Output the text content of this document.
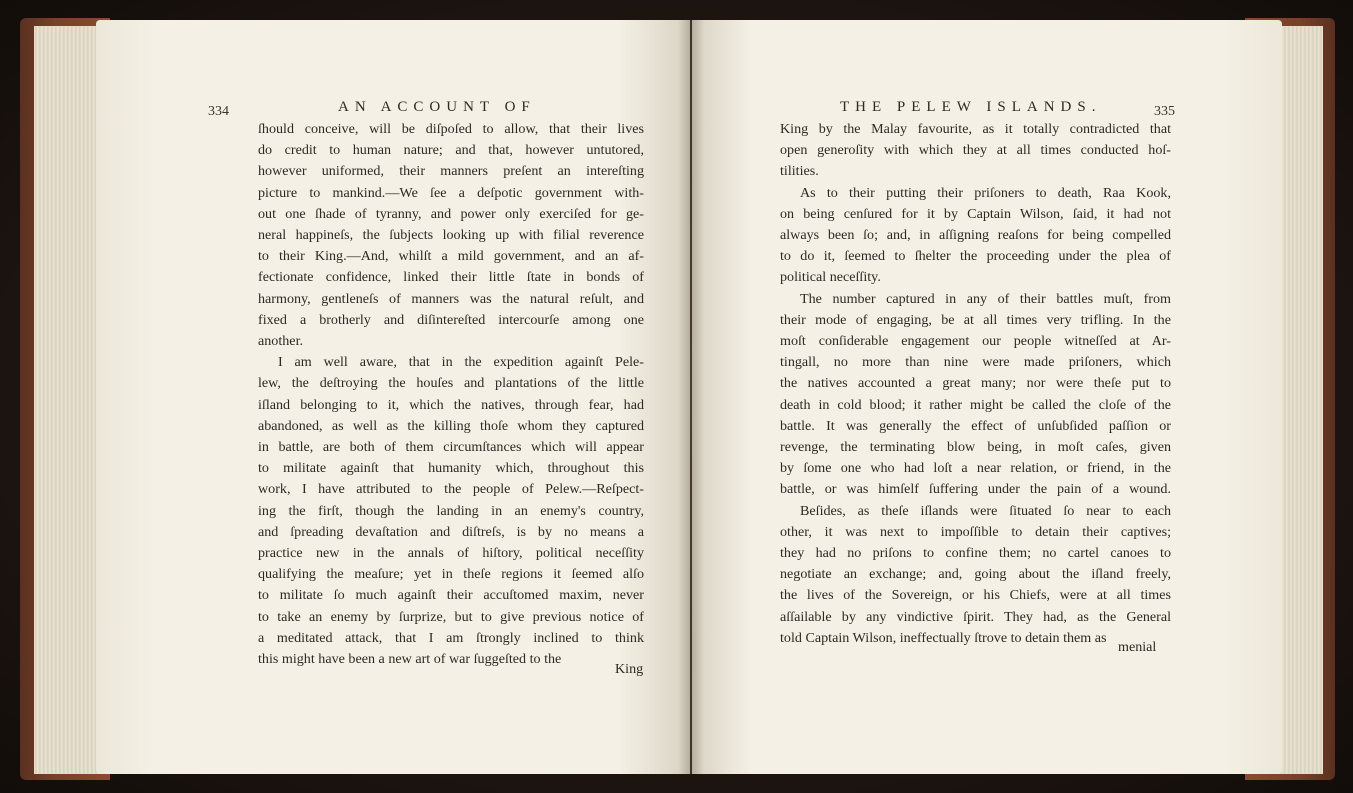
334	AN ACCOUNT OF
ſhould conceive, will be diſpoſed to allow, that their lives
do credit to human nature; and that, however untutored,
however uniformed, their manners preſent an intereſting
picture to mankind.—We ſee a deſpotic government with-
out one ſhade of tyranny, and power only exerciſed for ge-
neral happineſs, the ſubjects looking up with filial reverence
to their King.—And, whilſt a mild government, and an af-
fectionate confidence, linked their little ſtate in bonds of
harmony, gentleneſs of manners was the natural reſult, and
fixed a brotherly and diſintereſted intercourſe among one
another.
I am well aware, that in the expedition againſt Pele-
lew, the deſtroying the houſes and plantations of the little
iſland belonging to it, which the natives, through fear, had
abandoned, as well as the killing thoſe whom they captured
in battle, are both of them circumſtances which will appear
to militate againſt that humanity which, throughout this
work, I have attributed to the people of Pelew.—Reſpect-
ing the firſt, though the landing in an enemy's country,
and ſpreading devaſtation and diſtreſs, is by no means a
practice new in the annals of hiſtory, political neceſſity
qualifying the meaſure; yet in theſe regions it ſeemed alſo
to militate ſo much againſt their accuſtomed maxim, never
to take an enemy by ſurprize, but to give previous notice of
a meditated attack, that I am ſtrongly inclined to think
this might have been a new art of war ſuggeſted to the
King
THE PELEW ISLANDS.	335
King by the Malay favourite, as it totally contradicted that
open generoſity with which they at all times conducted hoſ-
tilities.
As to their putting their priſoners to death, Raa Kook,
on being cenſured for it by Captain Wilson, ſaid, it had not
always been ſo; and, in aſſigning reaſons for being compelled
to do it, ſeemed to ſhelter the proceeding under the plea of
political neceſſity.
The number captured in any of their battles muſt, from
their mode of engaging, be at all times very trifling. In the
moſt conſiderable engagement our people witneſſed at Ar-
tingall, no more than nine were made priſoners, which
the natives accounted a great many; nor were theſe put to
death in cold blood; it rather might be called the cloſe of the
battle. It was generally the effect of unſubſided paſſion or
revenge, the terminating blow being, in moſt caſes, given
by ſome one who had loſt a near relation, or friend, in the
battle, or was himſelf ſuffering under the pain of a wound.
Beſides, as theſe iſlands were ſituated ſo near to each
other, it was next to impoſſible to detain their captives;
they had no priſons to confine them; no cartel canoes to
negotiate an exchange; and, going about the iſland freely,
the lives of the Sovereign, or his Chiefs, were at all times
aſſailable by any vindictive ſpirit. They had, as the General
told Captain Wilson, ineffectually ſtrove to detain them as
menial
